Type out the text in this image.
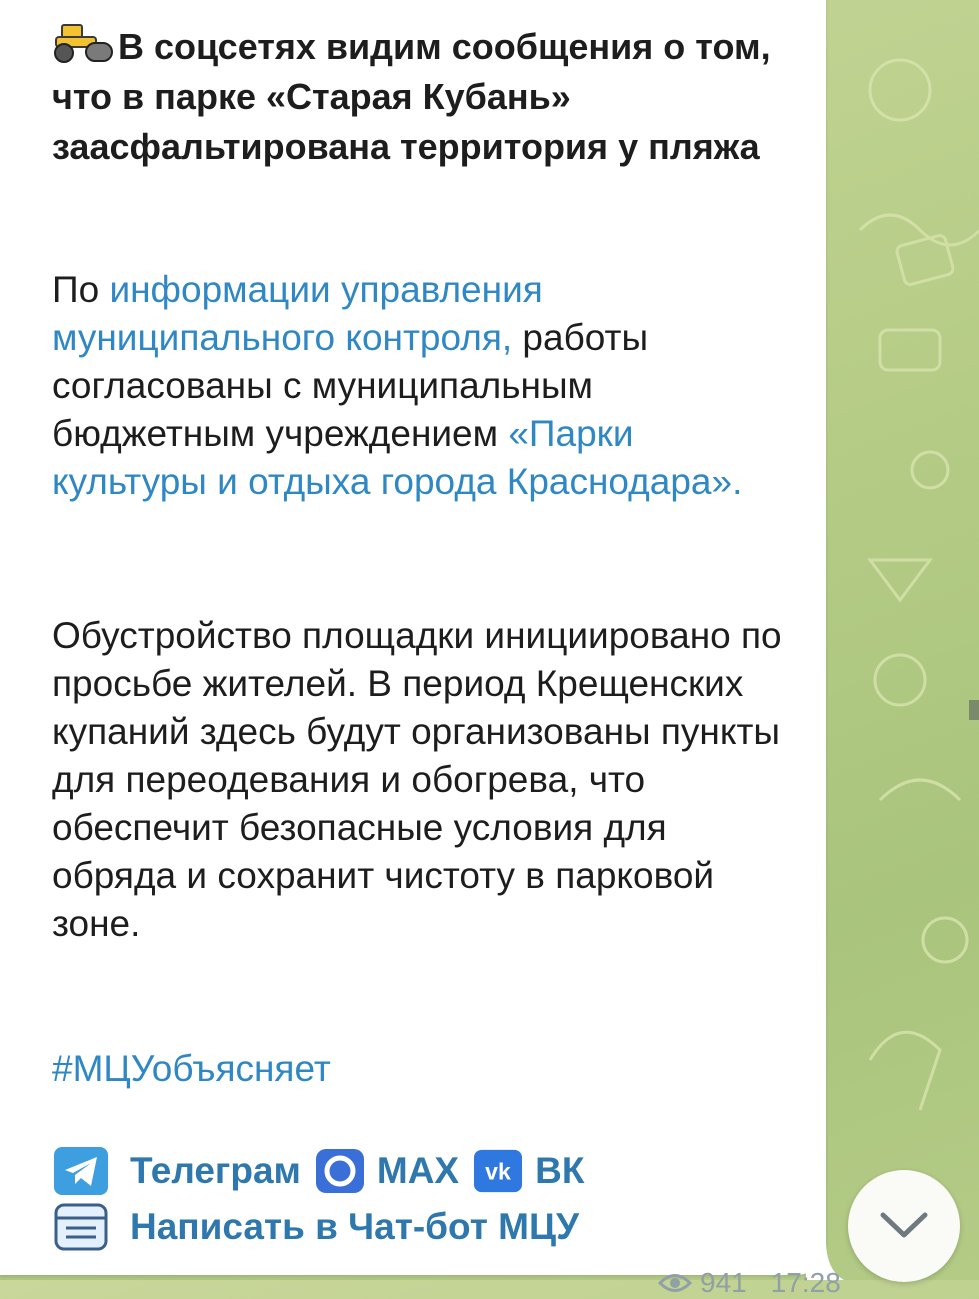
В соцсетях видим сообщения о том, что в парке «Старая Кубань» заасфальтирована территория у пляжа

По информации управления муниципального контроля, работы согласованы с муниципальным бюджетным учреждением «Парки культуры и отдыха города Краснодара».

Обустройство площадки инициировано по просьбе жителей. В период Крещенских купаний здесь будут организованы пункты для переодевания и обогрева, что обеспечит безопасные условия для обряда и сохранит чистоту в парковой зоне.

#МЦУобъясняет
Телеграм MAX vk ВК
Написать в Чат-бот МЦУ
941 17:28
